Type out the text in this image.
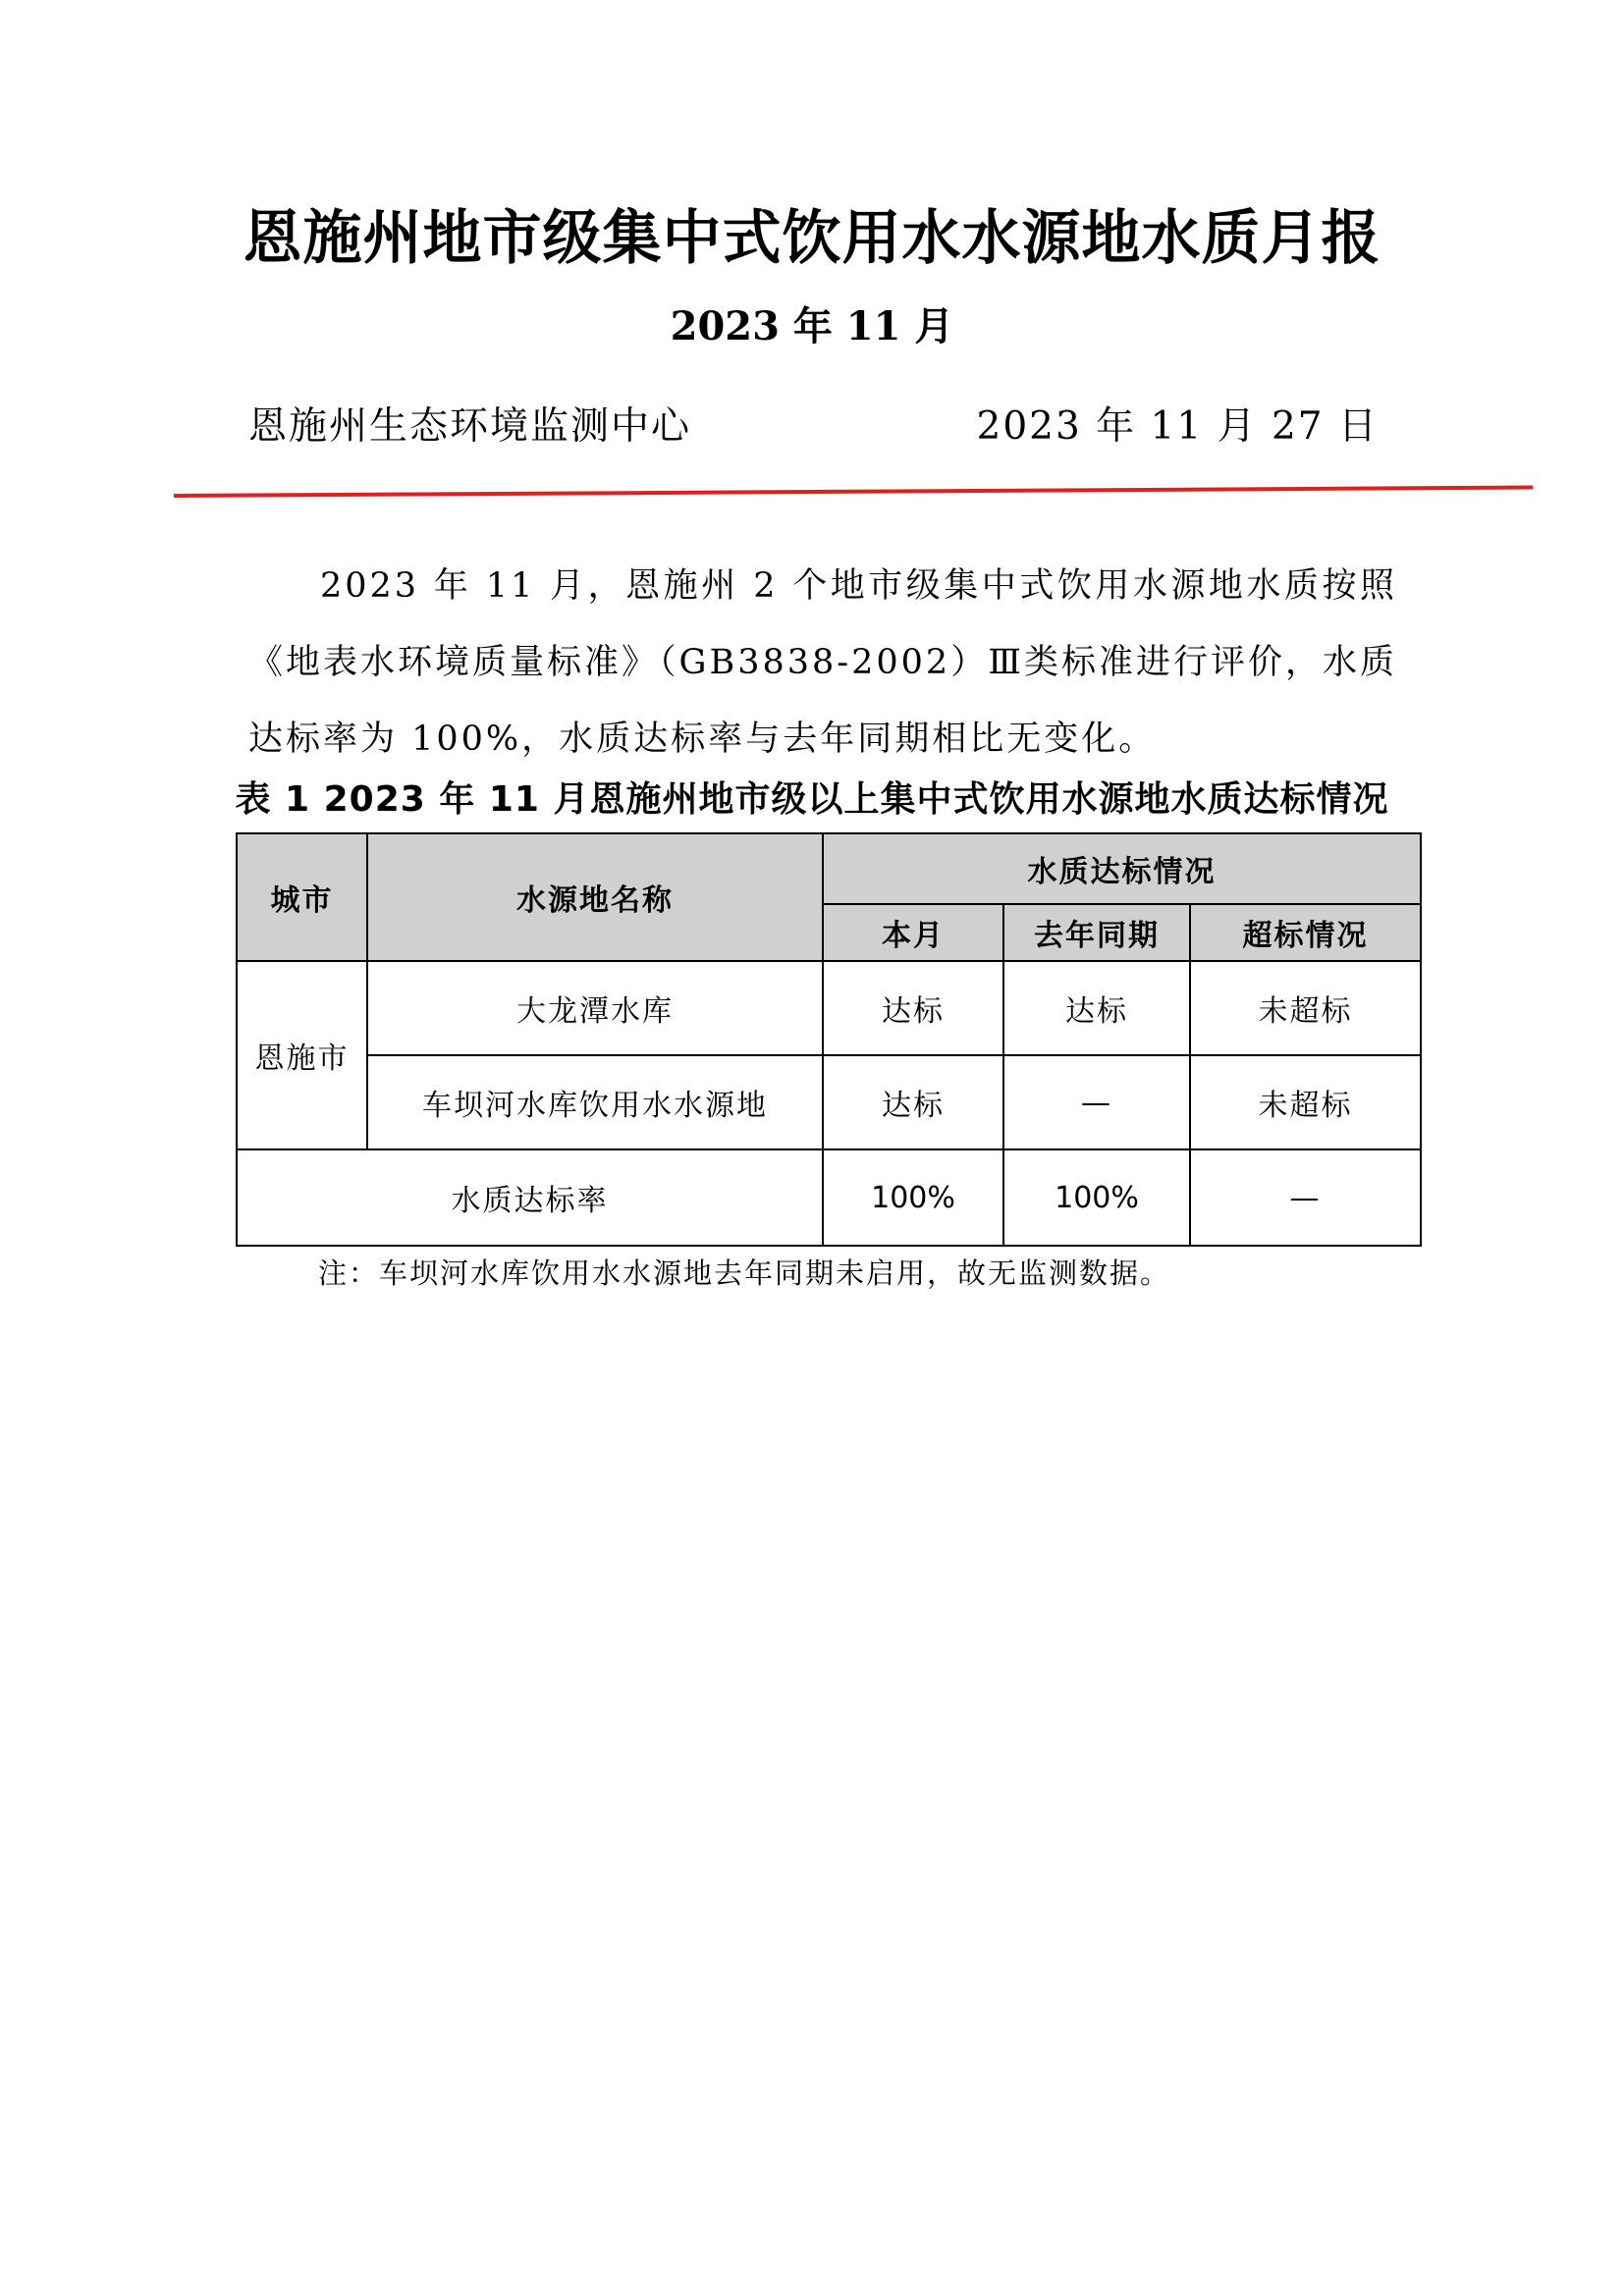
恩施州地市级集中式饮用水水源地水质月报

2023 年 11 月

恩施州生态环境监测中心	2023 年 11 月 27 日

2023 年 11 月，恩施州 2 个地市级集中式饮用水源地水质按照《地表水环境质量标准》（GB3838-2002）Ⅲ类标准进行评价，水质达标率为 100%，水质达标率与去年同期相比无变化。

表 1 2023 年 11 月恩施州地市级以上集中式饮用水源地水质达标情况

城市	水源地名称	水质达标情况		
		本月	去年同期	超标情况
恩施市	大龙潭水库	达标	达标	未超标
	车坝河水库饮用水水源地	达标	—	未超标
水质达标率		100%	100%	—

注：车坝河水库饮用水水源地去年同期未启用，故无监测数据。
